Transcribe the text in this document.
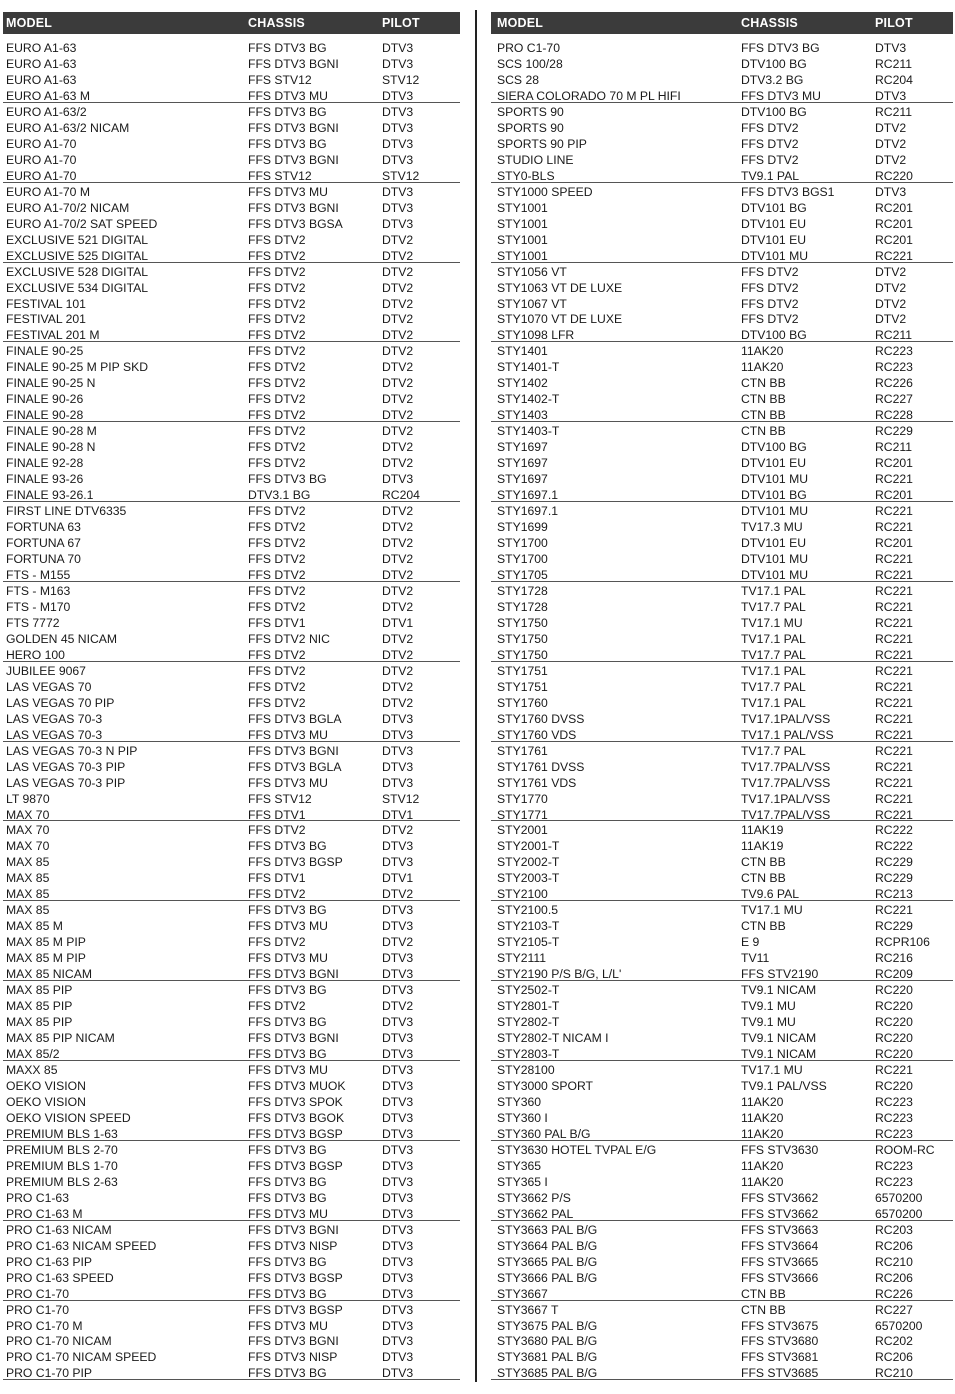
MODEL	CHASSIS	PILOT
EURO A1-63	FFS DTV3 BG	DTV3
EURO A1-63	FFS DTV3 BGNI	DTV3
EURO A1-63	FFS STV12	STV12
EURO A1-63 M	FFS DTV3 MU	DTV3
EURO A1-63/2	FFS DTV3 BG	DTV3
EURO A1-63/2 NICAM	FFS DTV3 BGNI	DTV3
EURO A1-70	FFS DTV3 BG	DTV3
EURO A1-70	FFS DTV3 BGNI	DTV3
EURO A1-70	FFS STV12	STV12
EURO A1-70 M	FFS DTV3 MU	DTV3
EURO A1-70/2 NICAM	FFS DTV3 BGNI	DTV3
EURO A1-70/2 SAT SPEED	FFS DTV3 BGSA	DTV3
EXCLUSIVE 521 DIGITAL	FFS DTV2	DTV2
EXCLUSIVE 525 DIGITAL	FFS DTV2	DTV2
EXCLUSIVE 528 DIGITAL	FFS DTV2	DTV2
EXCLUSIVE 534 DIGITAL	FFS DTV2	DTV2
FESTIVAL 101	FFS DTV2	DTV2
FESTIVAL 201	FFS DTV2	DTV2
FESTIVAL 201 M	FFS DTV2	DTV2
FINALE 90-25	FFS DTV2	DTV2
FINALE 90-25 M PIP SKD	FFS DTV2	DTV2
FINALE 90-25 N	FFS DTV2	DTV2
FINALE 90-26	FFS DTV2	DTV2
FINALE 90-28	FFS DTV2	DTV2
FINALE 90-28 M	FFS DTV2	DTV2
FINALE 90-28 N	FFS DTV2	DTV2
FINALE 92-28	FFS DTV2	DTV2
FINALE 93-26	FFS DTV3 BG	DTV3
FINALE 93-26.1	DTV3.1 BG	RC204
FIRST LINE DTV6335	FFS DTV2	DTV2
FORTUNA 63	FFS DTV2	DTV2
FORTUNA 67	FFS DTV2	DTV2
FORTUNA 70	FFS DTV2	DTV2
FTS - M155	FFS DTV2	DTV2
FTS - M163	FFS DTV2	DTV2
FTS - M170	FFS DTV2	DTV2
FTS 7772	FFS DTV1	DTV1
GOLDEN 45 NICAM	FFS DTV2 NIC	DTV2
HERO 100	FFS DTV2	DTV2
JUBILEE 9067	FFS DTV2	DTV2
LAS VEGAS 70	FFS DTV2	DTV2
LAS VEGAS 70 PIP	FFS DTV2	DTV2
LAS VEGAS 70-3	FFS DTV3 BGLA	DTV3
LAS VEGAS 70-3	FFS DTV3 MU	DTV3
LAS VEGAS 70-3 N PIP	FFS DTV3 BGNI	DTV3
LAS VEGAS 70-3 PIP	FFS DTV3 BGLA	DTV3
LAS VEGAS 70-3 PIP	FFS DTV3 MU	DTV3
LT 9870	FFS STV12	STV12
MAX 70	FFS DTV1	DTV1
MAX 70	FFS DTV2	DTV2
MAX 70	FFS DTV3 BG	DTV3
MAX 85	FFS DTV3 BGSP	DTV3
MAX 85	FFS DTV1	DTV1
MAX 85	FFS DTV2	DTV2
MAX 85	FFS DTV3 BG	DTV3
MAX 85 M	FFS DTV3 MU	DTV3
MAX 85 M PIP	FFS DTV2	DTV2
MAX 85 M PIP	FFS DTV3 MU	DTV3
MAX 85 NICAM	FFS DTV3 BGNI	DTV3
MAX 85 PIP	FFS DTV3 BG	DTV3
MAX 85 PIP	FFS DTV2	DTV2
MAX 85 PIP	FFS DTV3 BG	DTV3
MAX 85 PIP NICAM	FFS DTV3 BGNI	DTV3
MAX 85/2	FFS DTV3 BG	DTV3
MAXX 85	FFS DTV3 MU	DTV3
OEKO VISION	FFS DTV3 MUOK	DTV3
OEKO VISION	FFS DTV3 SPOK	DTV3
OEKO VISION SPEED	FFS DTV3 BGOK	DTV3
PREMIUM BLS 1-63	FFS DTV3 BGSP	DTV3
PREMIUM BLS 2-70	FFS DTV3 BG	DTV3
PREMIUM BLS 1-70	FFS DTV3 BGSP	DTV3
PREMIUM BLS 2-63	FFS DTV3 BG	DTV3
PRO C1-63	FFS DTV3 BG	DTV3
PRO C1-63 M	FFS DTV3 MU	DTV3
PRO C1-63 NICAM	FFS DTV3 BGNI	DTV3
PRO C1-63 NICAM SPEED	FFS DTV3 NISP	DTV3
PRO C1-63 PIP	FFS DTV3 BG	DTV3
PRO C1-63 SPEED	FFS DTV3 BGSP	DTV3
PRO C1-70	FFS DTV3 BG	DTV3
PRO C1-70	FFS DTV3 BGSP	DTV3
PRO C1-70 M	FFS DTV3 MU	DTV3
PRO C1-70 NICAM	FFS DTV3 BGNI	DTV3
PRO C1-70 NICAM SPEED	FFS DTV3 NISP	DTV3
PRO C1-70 PIP	FFS DTV3 BG	DTV3
MODEL	CHASSIS	PILOT
PRO C1-70	FFS DTV3 BG	DTV3
SCS 100/28	DTV100 BG	RC211
SCS 28	DTV3.2 BG	RC204
SIERA COLORADO 70 M PL HIFI	FFS DTV3 MU	DTV3
SPORTS 90	DTV100 BG	RC211
SPORTS 90	FFS DTV2	DTV2
SPORTS 90 PIP	FFS DTV2	DTV2
STUDIO LINE	FFS DTV2	DTV2
STY0-BLS	TV9.1 PAL	RC220
STY1000 SPEED	FFS DTV3 BGS1	DTV3
STY1001	DTV101 BG	RC201
STY1001	DTV101 EU	RC201
STY1001	DTV101 EU	RC201
STY1001	DTV101 MU	RC221
STY1056 VT	FFS DTV2	DTV2
STY1063 VT DE LUXE	FFS DTV2	DTV2
STY1067 VT	FFS DTV2	DTV2
STY1070 VT DE LUXE	FFS DTV2	DTV2
STY1098 LFR	DTV100 BG	RC211
STY1401	11AK20	RC223
STY1401-T	11AK20	RC223
STY1402	CTN BB	RC226
STY1402-T	CTN BB	RC227
STY1403	CTN BB	RC228
STY1403-T	CTN BB	RC229
STY1697	DTV100 BG	RC211
STY1697	DTV101 EU	RC201
STY1697	DTV101 MU	RC221
STY1697.1	DTV101 BG	RC201
STY1697.1	DTV101 MU	RC221
STY1699	TV17.3 MU	RC221
STY1700	DTV101 EU	RC201
STY1700	DTV101 MU	RC221
STY1705	DTV101 MU	RC221
STY1728	TV17.1 PAL	RC221
STY1728	TV17.7 PAL	RC221
STY1750	TV17.1 MU	RC221
STY1750	TV17.1 PAL	RC221
STY1750	TV17.7 PAL	RC221
STY1751	TV17.1 PAL	RC221
STY1751	TV17.7 PAL	RC221
STY1760	TV17.1 PAL	RC221
STY1760 DVSS	TV17.1PAL/VSS	RC221
STY1760 VDS	TV17.1 PAL/VSS	RC221
STY1761	TV17.7 PAL	RC221
STY1761 DVSS	TV17.7PAL/VSS	RC221
STY1761 VDS	TV17.7PAL/VSS	RC221
STY1770	TV17.1PAL/VSS	RC221
STY1771	TV17.7PAL/VSS	RC221
STY2001	11AK19	RC222
STY2001-T	11AK19	RC222
STY2002-T	CTN BB	RC229
STY2003-T	CTN BB	RC229
STY2100	TV9.6 PAL	RC213
STY2100.5	TV17.1 MU	RC221
STY2103-T	CTN BB	RC229
STY2105-T	E 9	RCPR106
STY2111	TV11	RC216
STY2190 P/S B/G, L/L'	FFS STV2190	RC209
STY2502-T	TV9.1 NICAM	RC220
STY2801-T	TV9.1 MU	RC220
STY2802-T	TV9.1 MU	RC220
STY2802-T NICAM I	TV9.1 NICAM	RC220
STY2803-T	TV9.1 NICAM	RC220
STY28100	TV17.1 MU	RC221
STY3000 SPORT	TV9.1 PAL/VSS	RC220
STY360	11AK20	RC223
STY360 I	11AK20	RC223
STY360 PAL B/G	11AK20	RC223
STY3630 HOTEL TVPAL E/G	FFS STV3630	ROOM-RC
STY365	11AK20	RC223
STY365 I	11AK20	RC223
STY3662 P/S	FFS STV3662	6570200
STY3662 PAL	FFS STV3662	6570200
STY3663 PAL B/G	FFS STV3663	RC203
STY3664 PAL B/G	FFS STV3664	RC206
STY3665 PAL B/G	FFS STV3665	RC210
STY3666 PAL B/G	FFS STV3666	RC206
STY3667	CTN BB	RC226
STY3667 T	CTN BB	RC227
STY3675 PAL B/G	FFS STV3675	6570200
STY3680 PAL B/G	FFS STV3680	RC202
STY3681 PAL B/G	FFS STV3681	RC206
STY3685 PAL B/G	FFS STV3685	RC210
